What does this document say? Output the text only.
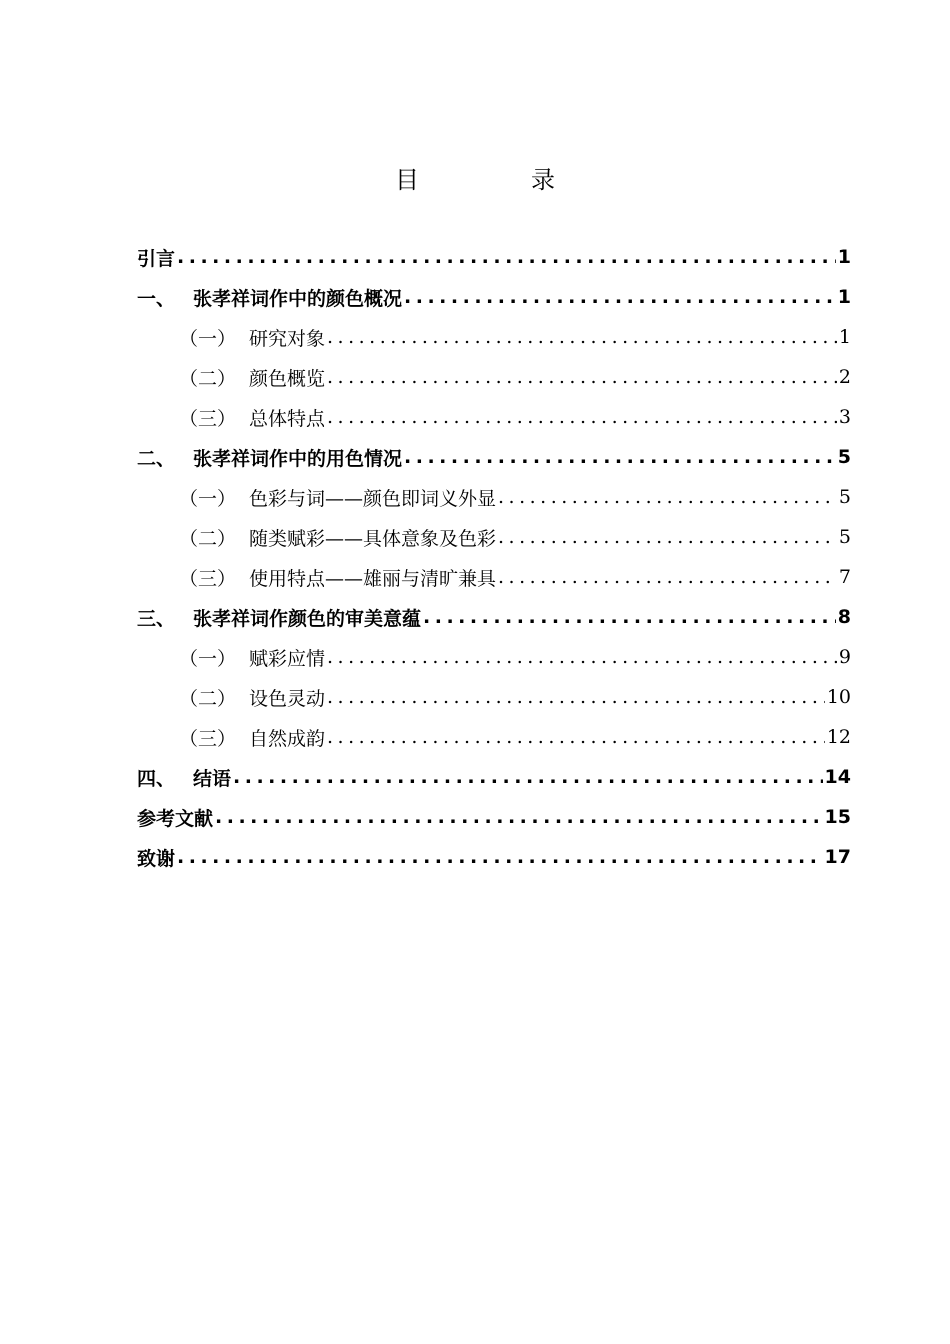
目　录
引言 .....	1
一、 张孝祥词作中的颜色概况 .....	1
（一） 研究对象 .....	1
（二） 颜色概览 .....	2
（三） 总体特点 .....	3
二、 张孝祥词作中的用色情况 .....	5
（一） 色彩与词——颜色即词义外显 .....	5
（二） 随类赋彩——具体意象及色彩 .....	5
（三） 使用特点——雄丽与清旷兼具 .....	7
三、 张孝祥词作颜色的审美意蕴 .....	8
（一） 赋彩应情 .....	9
（二） 设色灵动 .....	10
（三） 自然成韵 .....	12
四、 结语 .....	14
参考文献 .....	15
致谢 .....	17
